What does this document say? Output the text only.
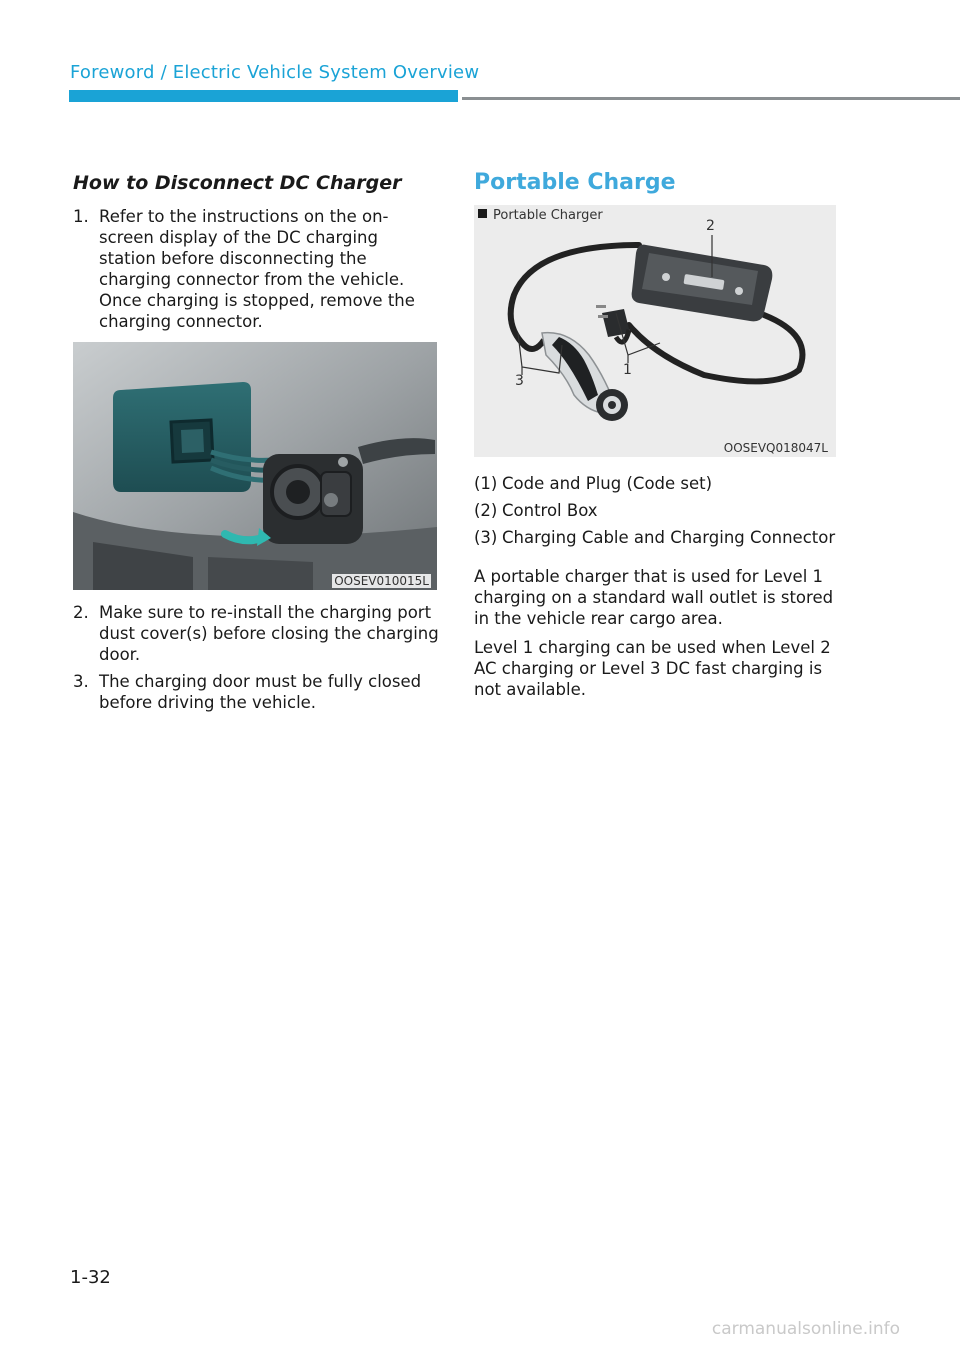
Foreword / Electric Vehicle System Overview
How to Disconnect DC Charger
1. Refer to the instructions on the on-screen display of the DC charging station before disconnecting the charging connector from the vehicle. Once charging is stopped, remove the charging connector.
OOSEV010015L
2. Make sure to re-install the charging port dust cover(s) before closing the charging door.
3. The charging door must be fully closed before driving the vehicle.
Portable Charge
Portable Charger
2
1
3
OOSEVQ018047L
(1) Code and Plug (Code set)
(2) Control Box
(3) Charging Cable and Charging Connector

A portable charger that is used for Level 1 charging on a standard wall outlet is stored in the vehicle rear cargo area.

Level 1 charging can be used when Level 2 AC charging or Level 3 DC fast charging is not available.

1-32
carmanualsonline.info
